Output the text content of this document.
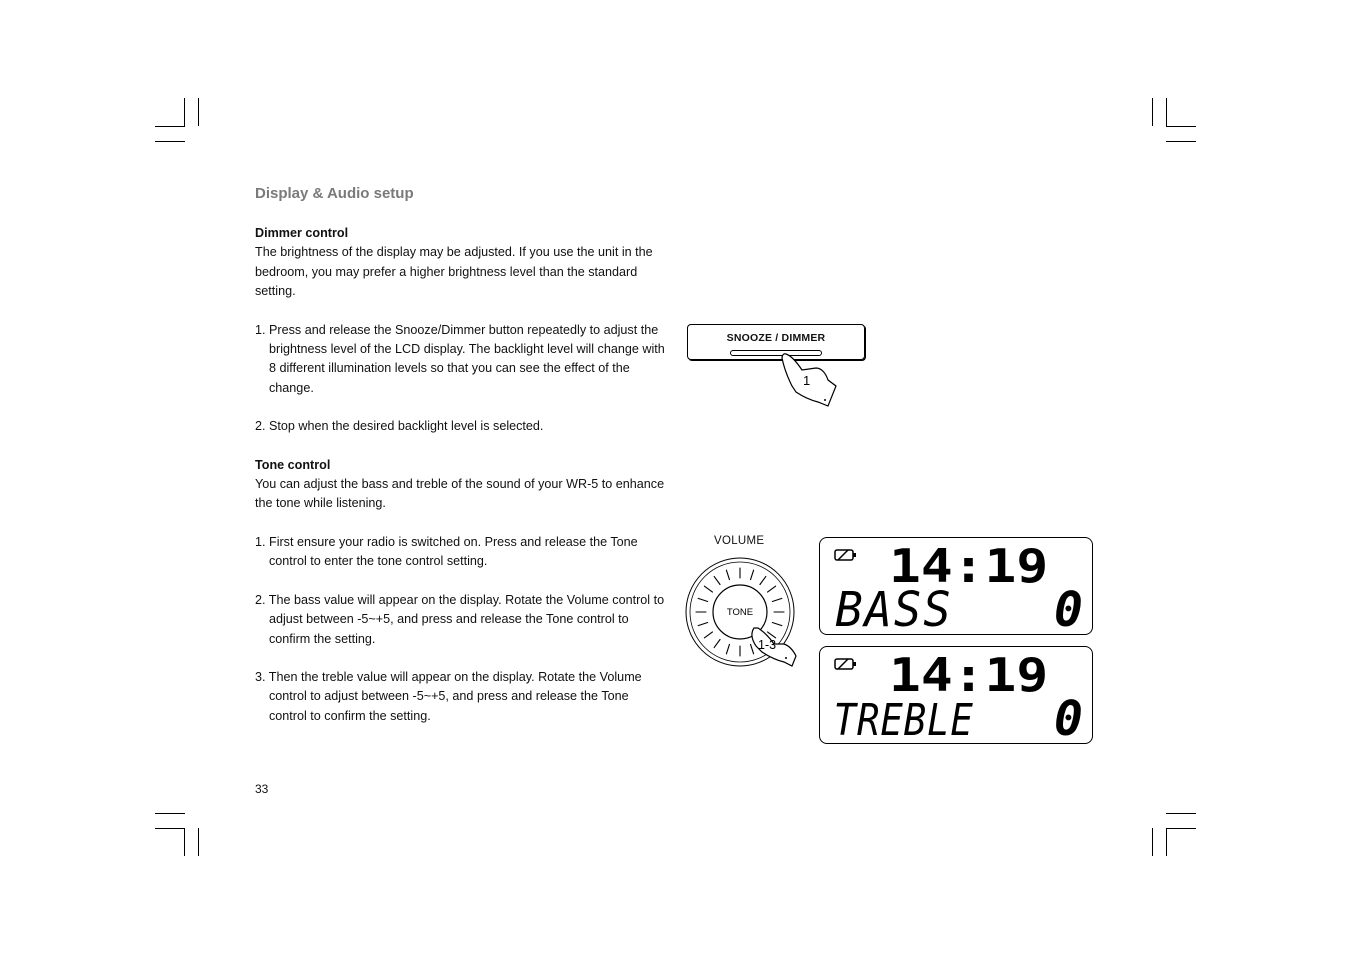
Display & Audio setup

Dimmer control

The brightness of the display may be adjusted. If you use the unit in the bedroom, you may prefer a higher brightness level than the standard setting.

1. Press and release the Snooze/Dimmer button repeatedly to adjust the brightness level of the LCD display. The backlight level will change with 8 different illumination levels so that you can see the effect of the change.

2. Stop when the desired backlight level is selected.

Tone control

You can adjust the bass and treble of the sound of your WR-5 to enhance the tone while listening.

1. First ensure your radio is switched on. Press and release the Tone control to enter the tone control setting.

2. The bass value will appear on the display. Rotate the Volume control to adjust between -5~+5, and press and release the Tone control to confirm the setting.

3. Then the treble value will appear on the display. Rotate the Volume control to adjust between -5~+5, and press and release the Tone control to confirm the setting.

33
SNOOZE / DIMMER
1
VOLUME
TONE
1-3
14:19
BASS 0
14:19
TREBLE 0
